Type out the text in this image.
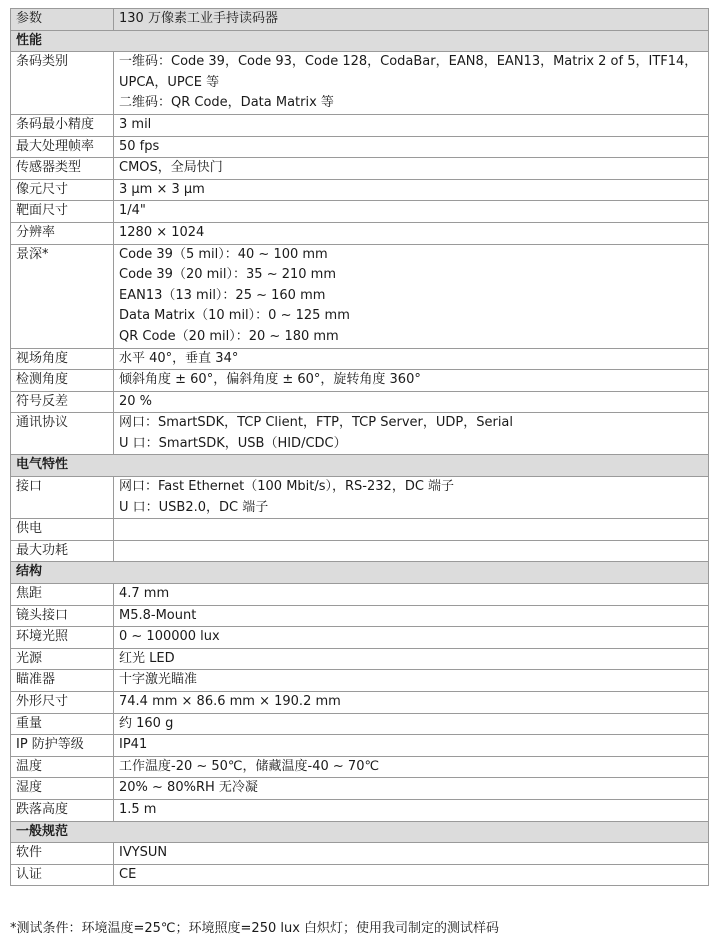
参数	130 万像素工业手持读码器
性能	
条码类别	一维码：Code 39，Code 93，Code 128，CodaBar，EAN8，EAN13，Matrix 2 of 5，ITF14，
UPCA，UPCE 等
二维码：QR Code，Data Matrix 等

条码最小精度	3 mil

最大处理帧率	50 fps

传感器类型	CMOS，全局快门

像元尺寸	3 μm × 3 μm

靶面尺寸	1/4"

分辨率	1280 × 1024

景深*	Code 39（5 mil）：40 ~ 100 mm
Code 39（20 mil）：35 ~ 210 mm
EAN13（13 mil）：25 ~ 160 mm
Data Matrix（10 mil）：0 ~ 125 mm
QR Code（20 mil）：20 ~ 180 mm

视场角度	水平 40°，垂直 34°

检测角度	倾斜角度 ± 60°，偏斜角度 ± 60°，旋转角度 360°

符号反差	20 %

通讯协议	网口：SmartSDK，TCP Client，FTP，TCP Server，UDP，Serial
U 口：SmartSDK，USB（HID/CDC）

电气特性	
接口	网口：Fast Ethernet（100 Mbit/s），RS-232，DC 端子
U 口：USB2.0，DC 端子

供电	

最大功耗	

结构	
焦距	4.7 mm

镜头接口	M5.8-Mount

环境光照	0 ~ 100000 lux

光源	红光 LED

瞄准器	十字激光瞄准

外形尺寸	74.4 mm × 86.6 mm × 190.2 mm

重量	约 160 g

IP 防护等级	IP41

温度	工作温度-20 ~ 50℃，储藏温度-40 ~ 70℃

湿度	20% ~ 80%RH 无冷凝

跌落高度	1.5 m

一般规范	
软件	IVYSUN

认证	CE
*测试条件：环境温度=25℃；环境照度=250 lux 白炽灯；使用我司制定的测试样码
